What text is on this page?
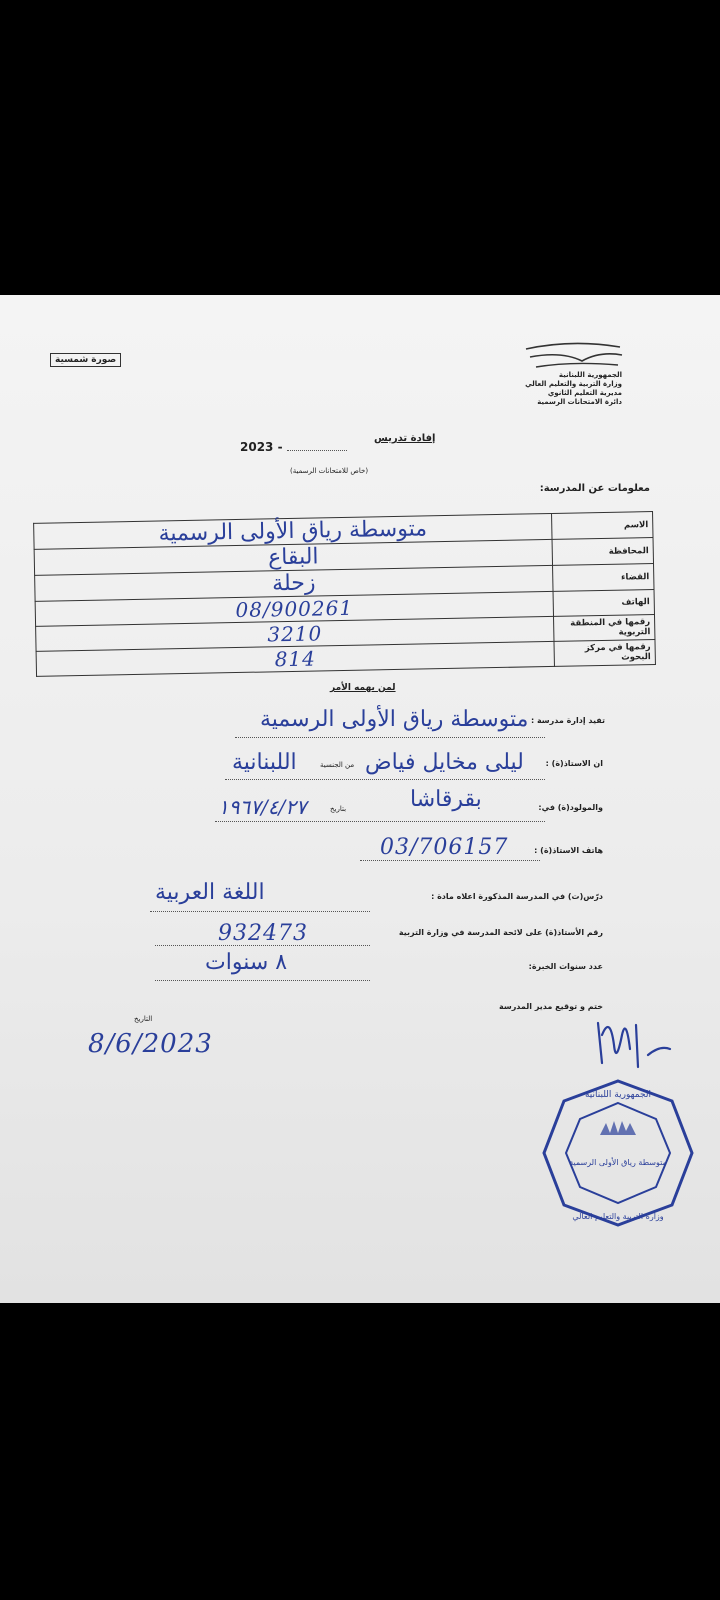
صورة شمسية
الجمهورية اللبنانية
وزارة التربية والتعليم العالي
مديرية التعليم الثانوي
دائرة الامتحانات الرسمية
إفادة تدريس
2023 -
(خاص للامتحانات الرسمية)
معلومات عن المدرسة:
متوسطة رياق الأولى الرسمية	الاسم
البقاع	المحافظة
زحلة	القضاء
08/900261	الهاتف
3210	رقمها في المنطقة التربوية
814	رقمها في مركز البحوث
لمن يهمه الأمر
تفيد إدارة مدرسة :
متوسطة رياق الأولى الرسمية
ان الاستاذ(ة) :
ليلى مخايل فياض
من الجنسية
اللبنانية
والمولود(ة) في:
بقرقاشا
بتاريخ
١٩٦٧/٤/٢٧
هاتف الاستاذ(ة) :
03/706157
درّس(ت) في المدرسة المذكورة اعلاه مادة :
اللغة العربية
رقم الأستاذ(ة) على لائحة المدرسة في وزارة التربية
932473
عدد سنوات الخبرة:
٨ سنوات
ختم و توقيع مدير المدرسة
التاريخ
8/6/2023
متوسطة رياق الأولى الرسمية
الجمهورية اللبنانية
وزارة التربية والتعليم العالي
